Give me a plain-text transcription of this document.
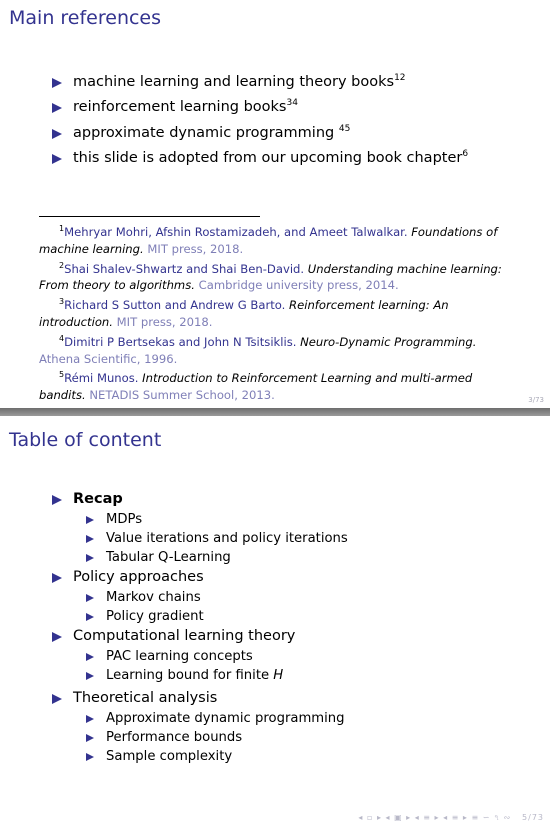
Main references
machine learning and learning theory books$^{12}$
reinforcement learning books$^{34}$
approximate dynamic programming $^{45}$
this slide is adopted from our upcoming book chapter$^6$
$^1$Mehryar Mohri, Afshin Rostamizadeh, and Ameet Talwalkar. Foundations of machine learning. MIT press, 2018.
$^2$Shai Shalev-Shwartz and Shai Ben-David. Understanding machine learning: From theory to algorithms. Cambridge university press, 2014.
$^3$Richard S Sutton and Andrew G Barto. Reinforcement learning: An introduction. MIT press, 2018.
$^4$Dimitri P Bertsekas and John N Tsitsiklis. Neuro-Dynamic Programming. Athena Scientific, 1996.
$^5$Rémi Munos. Introduction to Reinforcement Learning and multi-armed bandits. NETADIS Summer School, 2013.	3/73
Table of content
Recap
MDPs
Value iterations and policy iterations
Tabular Q-Learning
Policy approaches
Markov chains
Policy gradient
Computational learning theory
PAC learning concepts
Learning bound for finite H
Theoretical analysis
Approximate dynamic programming
Performance bounds
Sample complexity
◂ ▫ ▸ ◂ ▣ ▸ ◂ ≡ ▸ ◂ ≡ ▸ ≡ ∽ ৭ ∾ 5/73
